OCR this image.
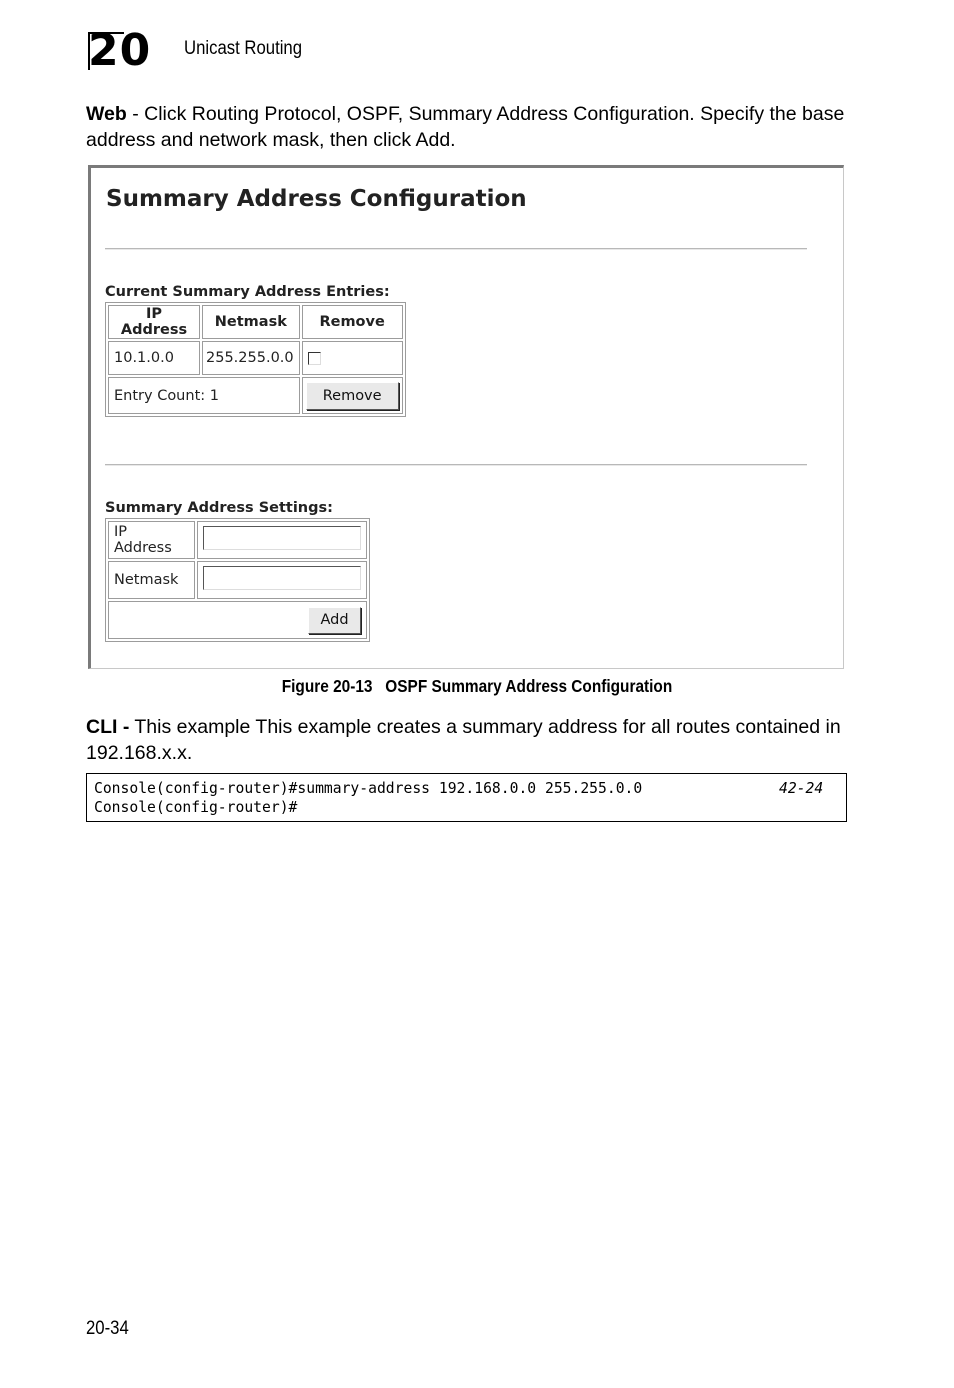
20	Unicast Routing
Web - Click Routing Protocol, OSPF, Summary Address Configuration. Specify the base address and network mask, then click Add.
Summary Address Configuration
Current Summary Address Entries:
IP Address	Netmask	Remove
10.1.0.0	255.255.0.0	
Entry Count: 1		Remove
Summary Address Settings:
IP Address	
Netmask	
Add	
Figure 20-13   OSPF Summary Address Configuration
CLI - This example This example creates a summary address for all routes contained in 192.168.x.x.
Console(config-router)#summary-address 192.168.0.0 255.255.0.0
Console(config-router)#
42-24
20-34
